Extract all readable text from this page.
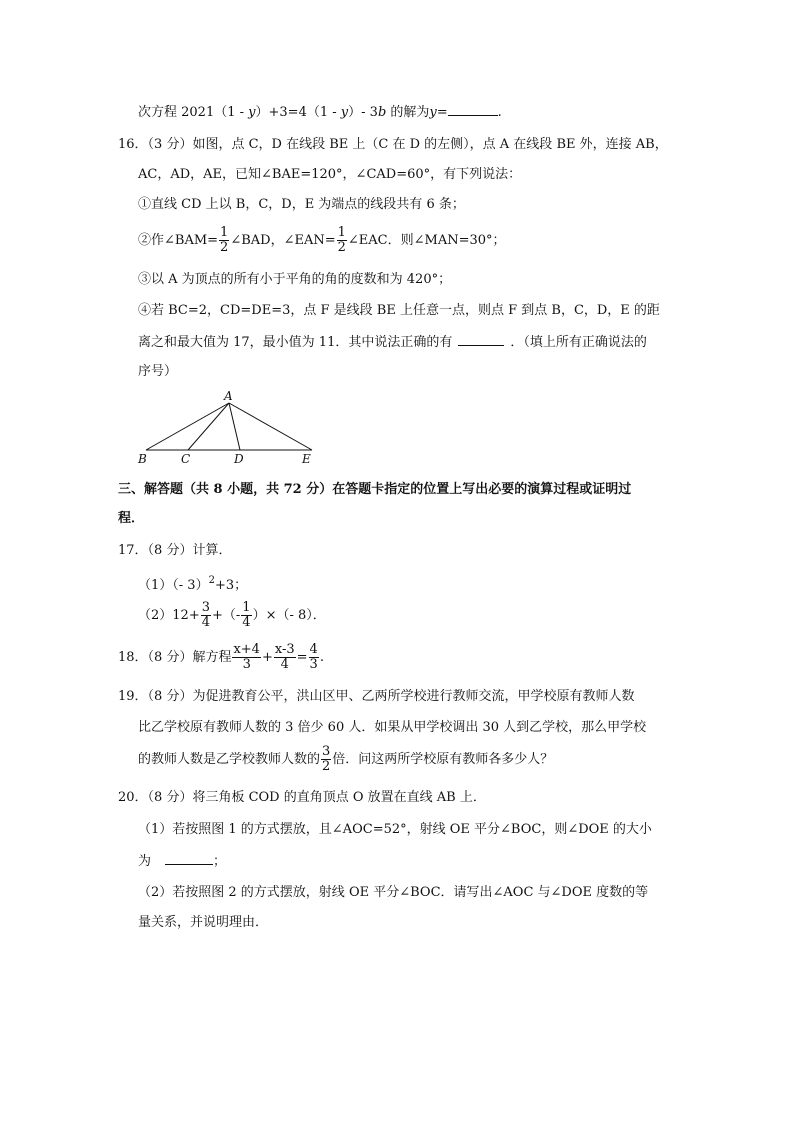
次方程 2021（1 - y）+3=4（1 - y）- 3b 的解为y=	.
16．（3 分）如图，点 C，D 在线段 BE 上（C 在 D 的左侧），点 A 在线段 BE 外，连接 AB，
AC，AD，AE，已知∠BAE=120°，∠CAD=60°，有下列说法：
①直线 CD 上以 B，C，D，E 为端点的线段共有 6 条；
②作∠BAM= $\frac{1}{2}$ ∠BAD，∠EAN= $\frac{1}{2}$ ∠EAC．则∠MAN=30°；
③以 A 为顶点的所有小于平角的角的度数和为 420°；
④若 BC=2，CD=DE=3，点 F 是线段 BE 上任意一点，则点 F 到点 B，C，D，E 的距
离之和最大值为 17，最小值为 11．其中说法正确的有	．（填上所有正确说法的
序号）
A
B	C	D	E
三、解答题（共 8 小题，共 72 分）在答题卡指定的位置上写出必要的演算过程或证明过
程．
17．（8 分）计算．
（1）（- 3）$^2$+3；
$(2)12+ \frac{3}{4}$ +（- $\frac{1}{4}$ ）×（- 8）．
18．（8 分）解方程 $\frac{x+4}{3} + \frac{x-3}{4} = \frac{4}{3}$ .
19．（8 分）为促进教育公平，洪山区甲、乙两所学校进行教师交流，甲学校原有教师人数
比乙学校原有教师人数的 3 倍少 60 人．如果从甲学校调出 30 人到乙学校，那么甲学校
的教师人数是乙学校教师人数的 $\frac{3}{2}$ 倍．问这两所学校原有教师各多少人？
20．（8 分）将三角板 COD 的直角顶点 O 放置在直线 AB 上．
（1）若按照图 1 的方式摆放，且∠AOC=52°，射线 OE 平分∠BOC，则∠DOE 的大小
为	；
（2）若按照图 2 的方式摆放，射线 OE 平分∠BOC．请写出∠AOC 与∠DOE 度数的等
量关系，并说明理由．
